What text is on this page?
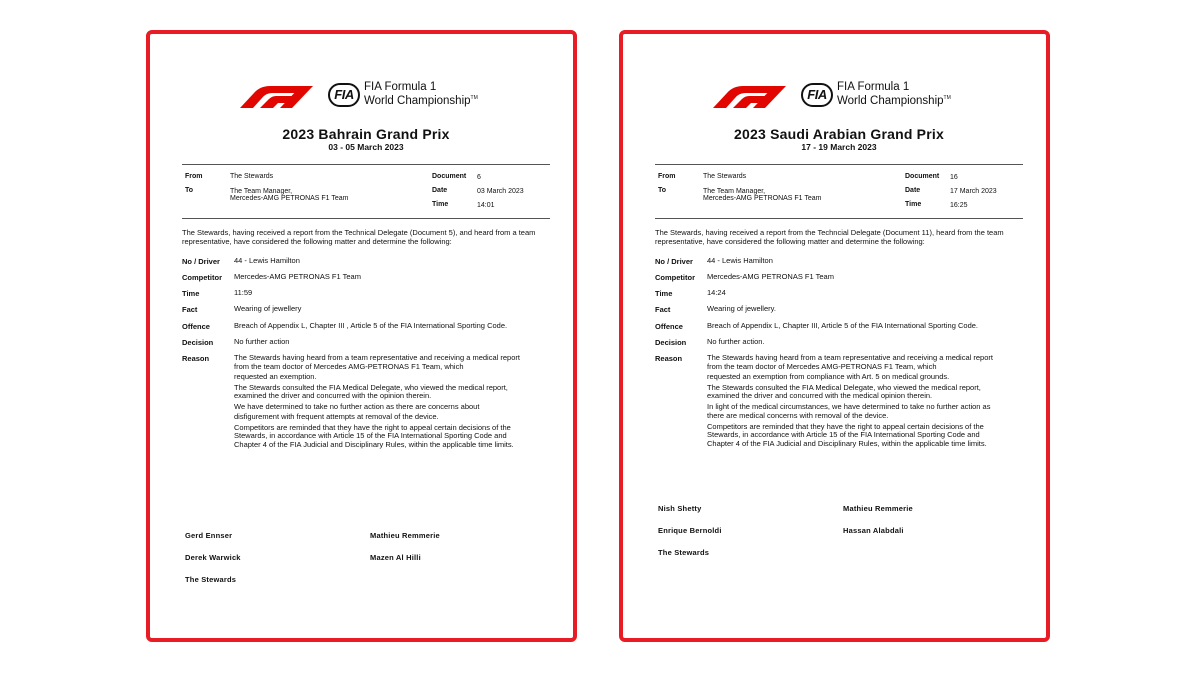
FIA FIA Formula 1
World Championship™
2023 Bahrain Grand Prix
03 - 05 March 2023
From	The Stewards
To	The Team Manager,
Mercedes-AMG PETRONAS F1 Team
Document 6
Date	03 March 2023
Time	14:01
The Stewards, having received a report from the Technical Delegate (Document 5), and heard from a team representative, have considered the following matter and determine the following:
No / Driver 44 - Lewis Hamilton
Competitor Mercedes-AMG PETRONAS F1 Team
Time	11:59
Fact	Wearing of jewellery
Offence	Breach of Appendix L, Chapter III , Article 5 of the FIA International Sporting Code.
Decision	No further action
Reason	The Stewards having heard from a team representative and receiving a medical report from the team doctor of Mercedes AMG-PETRONAS F1 Team, which
requested an exemption.
The Stewards consulted the FIA Medical Delegate, who viewed the medical report, examined the driver and concurred with the opinion therein.
We have determined to take no further action as there are concerns about
disfigurement with frequent attempts at removal of the device.
Competitors are reminded that they have the right to appeal certain decisions of the Stewards, in accordance with Article 15 of the FIA International Sporting Code and Chapter 4 of the FIA Judicial and Disciplinary Rules, within the applicable time limits.
Gerd Ennser	Mathieu Remmerie
Derek Warwick	Mazen Al Hilli
The Stewards
FIA FIA Formula 1
World Championship™
2023 Saudi Arabian Grand Prix
17 - 19 March 2023
From	The Stewards
To	The Team Manager,
Mercedes-AMG PETRONAS F1 Team
Document 16
Date	17 March 2023
Time	16:25
The Stewards, having received a report from the Techncial Delegate (Document 11), heard from the team representative, have considered the following matter and determine the following:
No / Driver 44 - Lewis Hamilton
Competitor Mercedes-AMG PETRONAS F1 Team
Time	14:24
Fact	Wearing of jewellery.
Offence	Breach of Appendix L, Chapter III, Article 5 of the FIA International Sporting Code.
Decision	No further action.
Reason	The Stewards having heard from a team representative and receiving a medical report from the team doctor of Mercedes AMG-PETRONAS F1 Team, which
requested an exemption from compliance with Art. 5 on medical grounds.
The Stewards consulted the FIA Medical Delegate, who viewed the medical report, examined the driver and concurred with the medical opinion therein.
In light of the medical circumstances, we have determined to take no further action as
there are medical concerns with removal of the device.
Competitors are reminded that they have the right to appeal certain decisions of the Stewards, in accordance with Article 15 of the FIA International Sporting Code and Chapter 4 of the FIA Judicial and Disciplinary Rules, within the applicable time limits.
Nish Shetty	Mathieu Remmerie
Enrique Bernoldi	Hassan Alabdali
The Stewards
